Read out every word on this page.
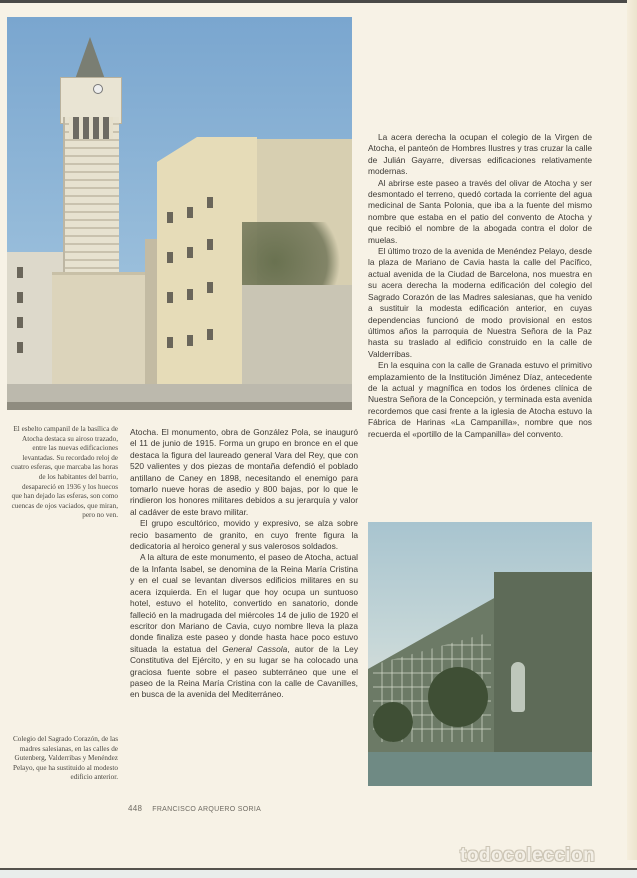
El esbelto campanil de la basílica de Atocha destaca su airoso trazado, entre las nuevas edificaciones levantadas. Su recordado reloj de cuatro esferas, que marcaba las horas de los habitantes del barrio, desapareció en 1936 y los huecos que han dejado las esferas, son como cuencas de ojos vaciados, que miran, pero no ven.

Atocha. El monumento, obra de González Pola, se inauguró el 11 de junio de 1915. Forma un grupo en bronce en el que destaca la figura del laureado general Vara del Rey, que con 520 valientes y dos piezas de montaña defendió el poblado antillano de Caney en 1898, necesitando el enemigo para tomarlo nueve horas de asedio y 800 bajas, por lo que le rindieron los honores militares debidos a su jerarquía y valor al cadáver de este bravo militar.

El grupo escultórico, movido y expresivo, se alza sobre recio basamento de granito, en cuyo frente figura la dedicatoria al heroico general y sus valerosos soldados.

A la altura de este monumento, el paseo de Atocha, actual de la Infanta Isabel, se denomina de la Reina María Cristina y en el cual se levantan diversos edificios militares en su acera izquierda. En el lugar que hoy ocupa un suntuoso hotel, estuvo el hotelito, convertido en sanatorio, donde falleció en la madrugada del miércoles 14 de julio de 1920 el escritor don Mariano de Cavia, cuyo nombre lleva la plaza donde finaliza este paseo y donde hasta hace poco estuvo situada la estatua del General Cassola, autor de la Ley Constitutiva del Ejército, y en su lugar se ha colocado una graciosa fuente sobre el paseo subterráneo que une el paseo de la Reina María Cristina con la calle de Cavanilles, en busca de la avenida del Mediterráneo.

La acera derecha la ocupan el colegio de la Virgen de Atocha, el panteón de Hombres Ilustres y tras cruzar la calle de Julián Gayarre, diversas edificaciones relativamente modernas.

Al abrirse este paseo a través del olivar de Atocha y ser desmontado el terreno, quedó cortada la corriente del agua medicinal de Santa Polonia, que iba a la fuente del mismo nombre que estaba en el patio del convento de Atocha y que recibió el nombre de la abogada contra el dolor de muelas.

El último trozo de la avenida de Menéndez Pelayo, desde la plaza de Mariano de Cavia hasta la calle del Pacífico, actual avenida de la Ciudad de Barcelona, nos muestra en su acera derecha la moderna edificación del colegio del Sagrado Corazón de las Madres salesianas, que ha venido a sustituir la modesta edificación anterior, en cuyas dependencias funcionó de modo provisional en estos últimos años la parroquia de Nuestra Señora de la Paz hasta su traslado al edificio construido en la calle de Valderribas.

En la esquina con la calle de Granada estuvo el primitivo emplazamiento de la Institución Jiménez Díaz, antecedente de la actual y magnífica en todos los órdenes clínica de Nuestra Señora de la Concepción, y terminada esta avenida recordemos que casi frente a la iglesia de Atocha estuvo la Fábrica de Harinas «La Campanilla», nombre que nos recuerda el «portillo de la Campanilla» del convento.

Colegio del Sagrado Corazón, de las madres salesianas, en las calles de Gutenberg, Valderribas y Menéndez Pelayo, que ha sustituido al modesto edificio anterior.
448 FRANCISCO ARQUERO SORIA
todocoleccion
